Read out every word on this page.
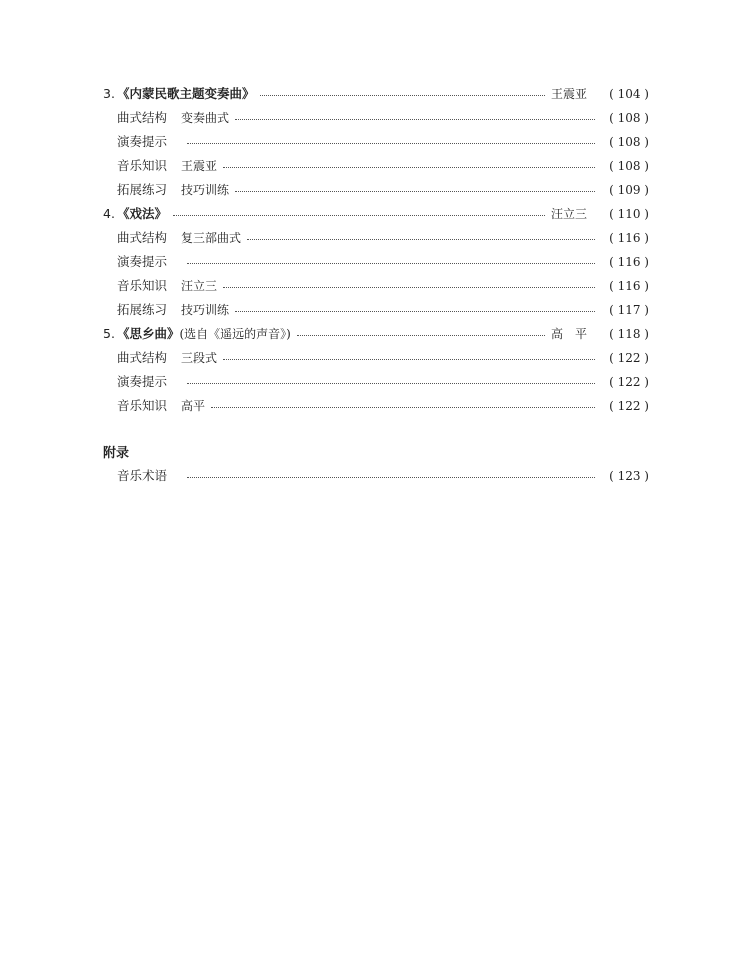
3. 《内蒙民歌主题变奏曲》	王震亚	( 104 )
曲式结构 变奏曲式	( 108 )
演奏提示	( 108 )
音乐知识 王震亚	( 108 )
拓展练习 技巧训练	( 109 )
4. 《戏法》	汪立三	( 110 )
曲式结构 复三部曲式	( 116 )
演奏提示	( 116 )
音乐知识 汪立三	( 116 )
拓展练习 技巧训练	( 117 )
5. 《思乡曲》 (选自《遥远的声音》)	高　平	( 118 )
曲式结构 三段式	( 122 )
演奏提示	( 122 )
音乐知识 高平	( 122 )
附录
音乐术语	( 123 )
